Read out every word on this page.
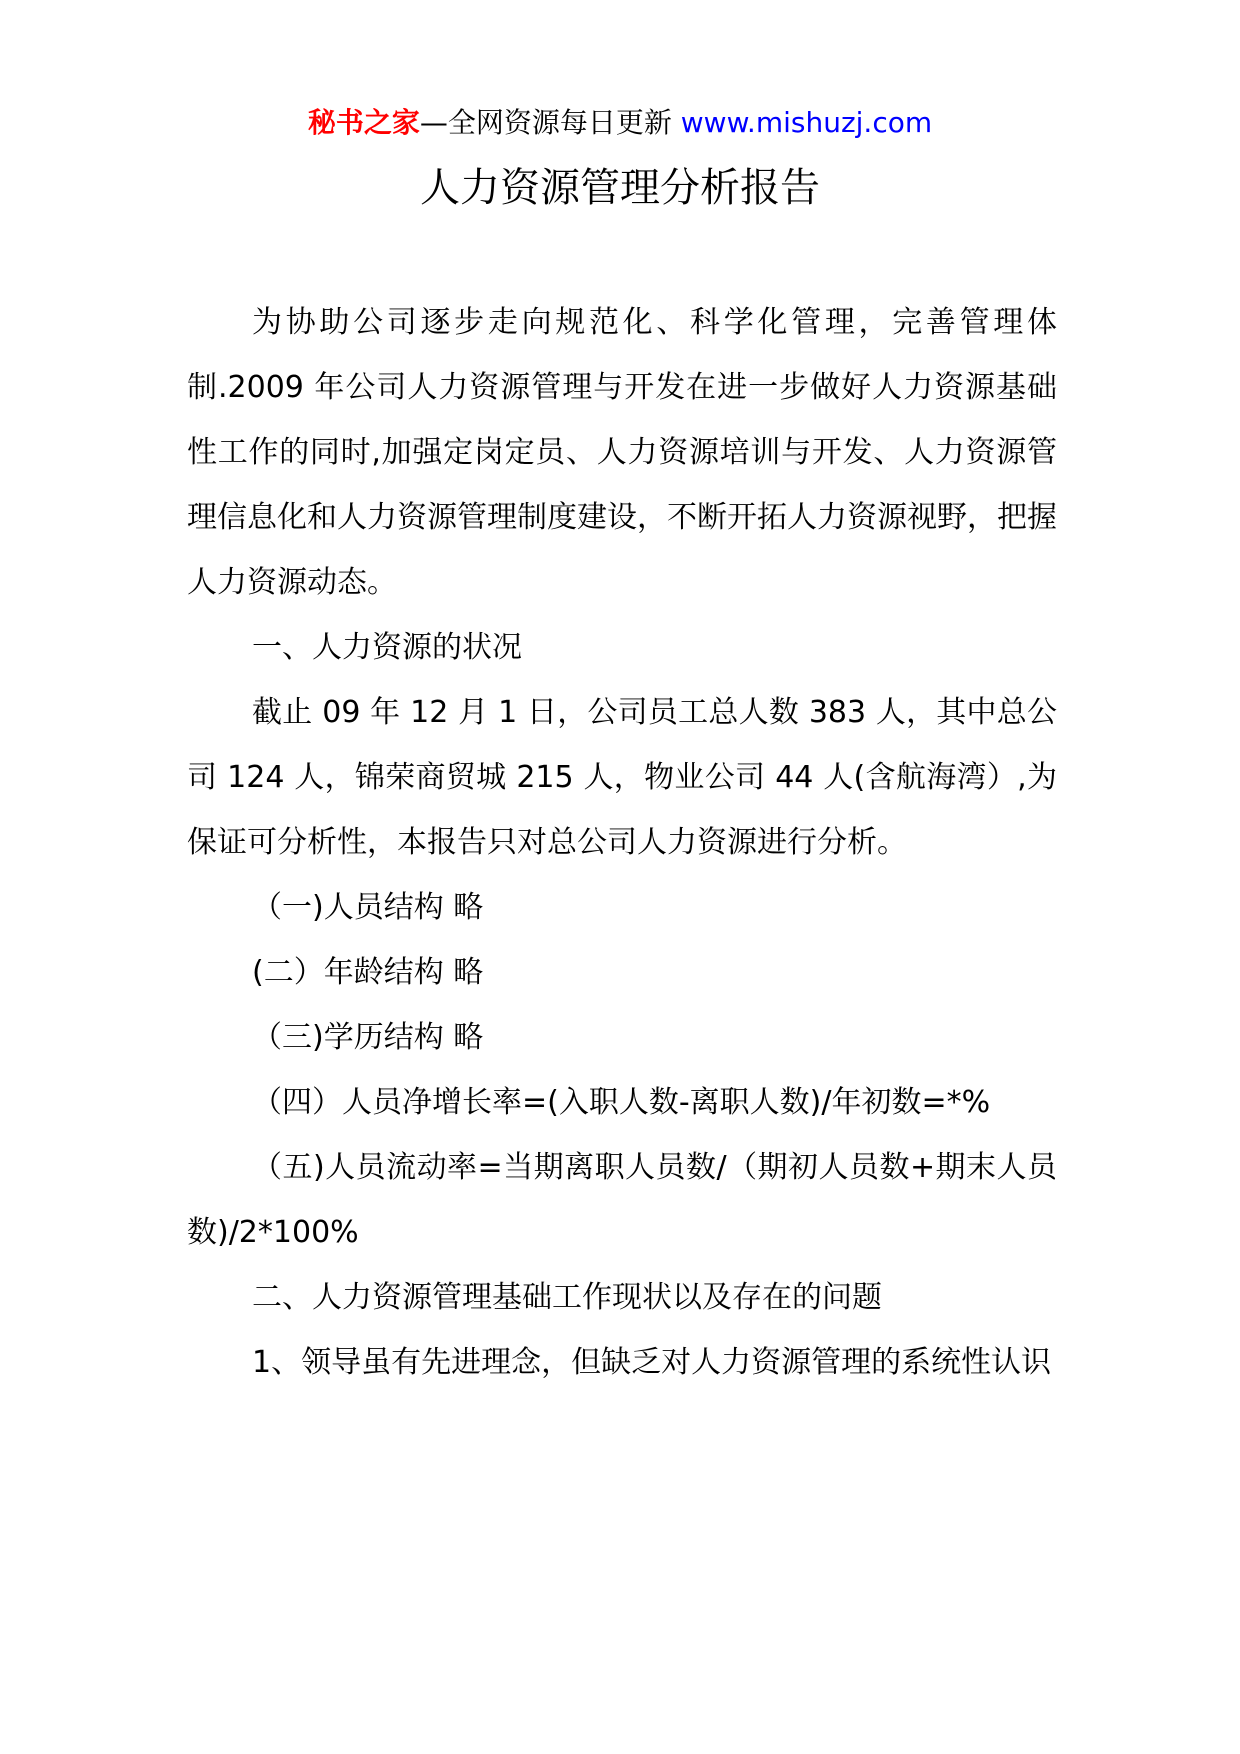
秘书之家—全网资源每日更新 www.mishuzj.com
人力资源管理分析报告

为协助公司逐步走向规范化、科学化管理，完善管理体制.2009 年公司人力资源管理与开发在进一步做好人力资源基础性工作的同时,加强定岗定员、人力资源培训与开发、人力资源管理信息化和人力资源管理制度建设，不断开拓人力资源视野，把握人力资源动态。

一、人力资源的状况

截止 09 年 12 月 1 日，公司员工总人数 383 人，其中总公司 124 人，锦荣商贸城 215 人，物业公司 44 人(含航海湾）,为保证可分析性，本报告只对总公司人力资源进行分析。

（一)人员结构 略

(二）年龄结构 略

（三)学历结构 略

（四）人员净增长率=(入职人数-离职人数)/年初数=*%

（五)人员流动率=当期离职人员数/（期初人员数+期末人员数)/2*100%

二、人力资源管理基础工作现状以及存在的问题

1、领导虽有先进理念，但缺乏对人力资源管理的系统性认识
